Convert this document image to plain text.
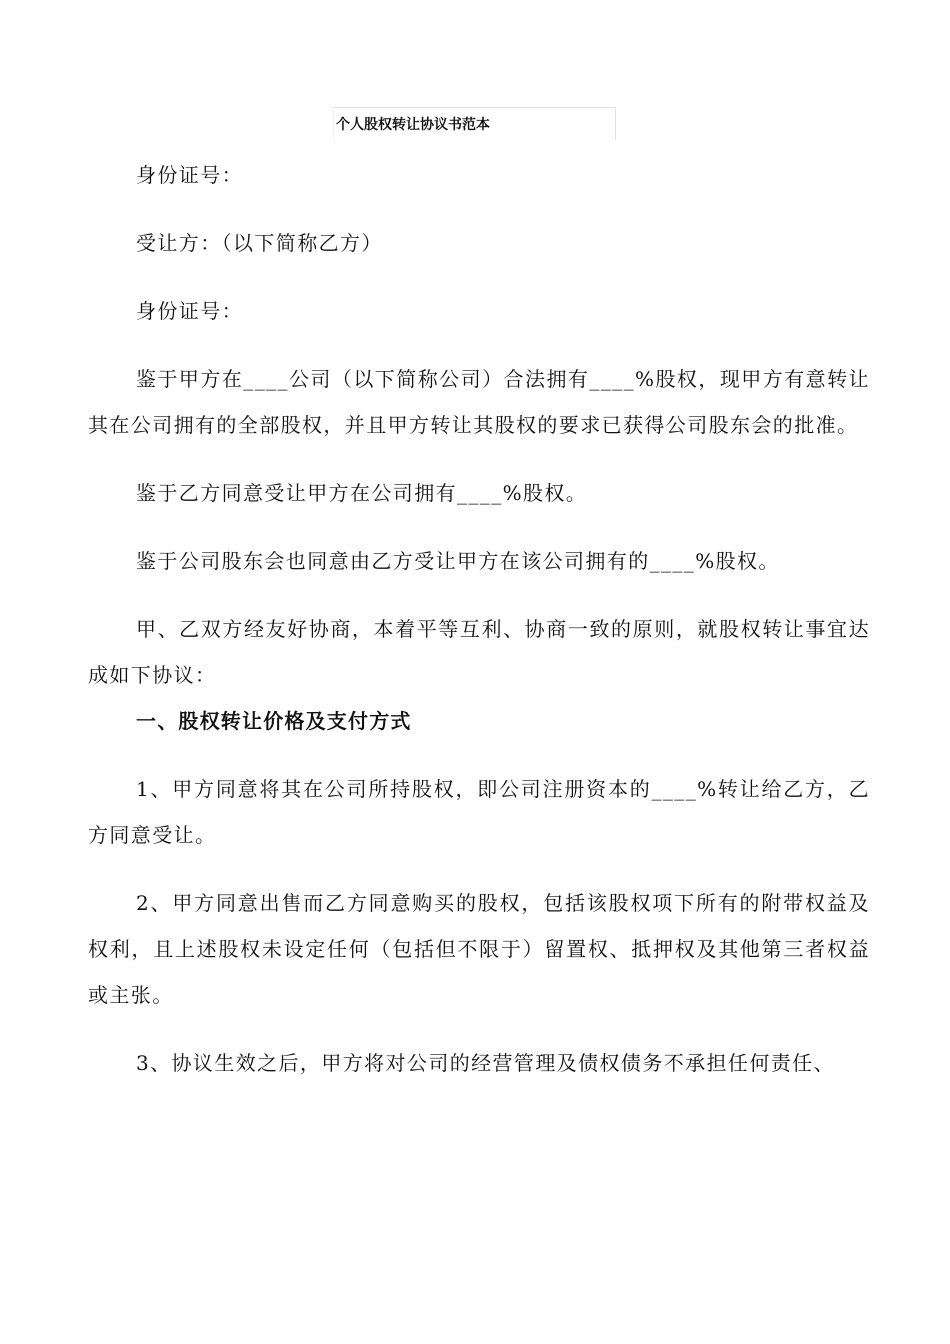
个人股权转让协议书范本

身份证号：

受让方：（以下简称乙方）

身份证号：

鉴于甲方在____公司（以下简称公司）合法拥有____%股权，现甲方有意转让其在公司拥有的全部股权，并且甲方转让其股权的要求已获得公司股东会的批准。

鉴于乙方同意受让甲方在公司拥有____%股权。

鉴于公司股东会也同意由乙方受让甲方在该公司拥有的____%股权。

甲、乙双方经友好协商，本着平等互利、协商一致的原则，就股权转让事宜达成如下协议：

一、股权转让价格及支付方式

1、甲方同意将其在公司所持股权，即公司注册资本的____%转让给乙方，乙方同意受让。

2、甲方同意出售而乙方同意购买的股权，包括该股权项下所有的附带权益及权利，且上述股权未设定任何（包括但不限于）留置权、抵押权及其他第三者权益或主张。

3、协议生效之后，甲方将对公司的经营管理及债权债务不承担任何责任、
